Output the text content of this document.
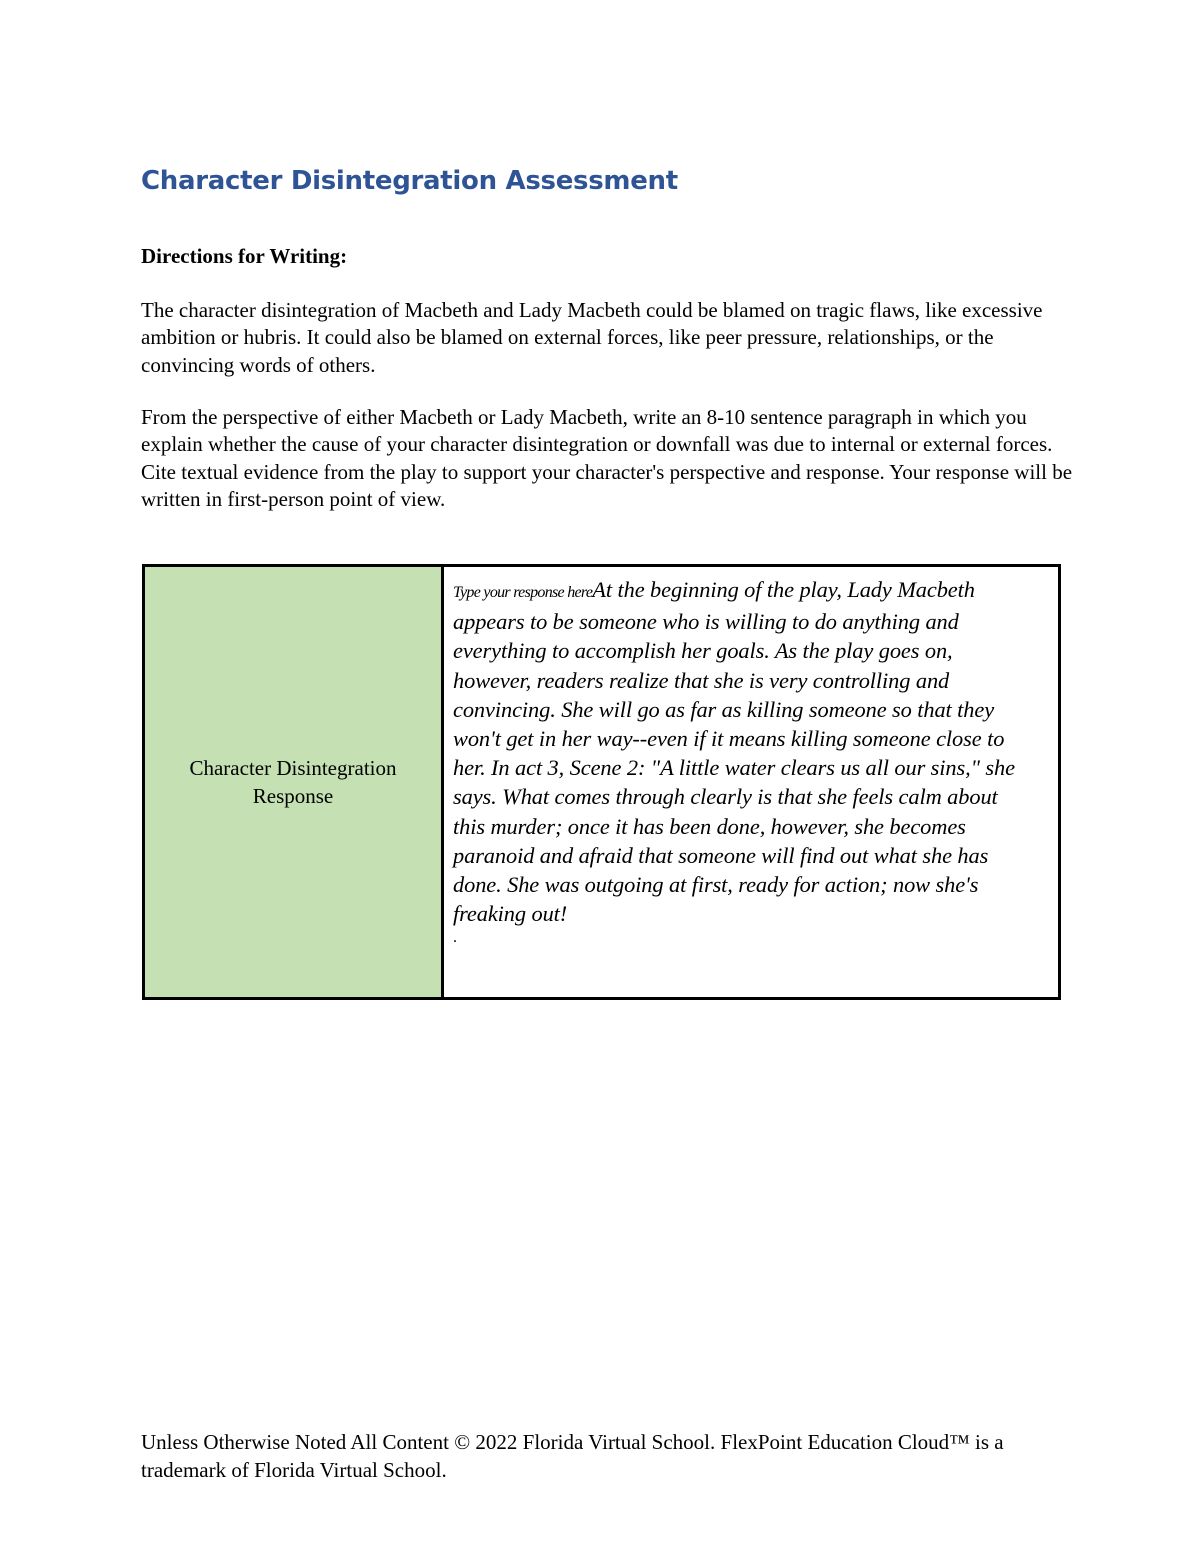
Character Disintegration Assessment

Directions for Writing:

The character disintegration of Macbeth and Lady Macbeth could be blamed on tragic flaws, like excessive ambition or hubris. It could also be blamed on external forces, like peer pressure, relationships, or the convincing words of others.

From the perspective of either Macbeth or Lady Macbeth, write an 8-10 sentence paragraph in which you explain whether the cause of your character disintegration or downfall was due to internal or external forces. Cite textual evidence from the play to support your character's perspective and response. Your response will be written in first-person point of view.

Character Disintegration Response
Type your response hereAt the beginning of the play, Lady Macbeth appears to be someone who is willing to do anything and everything to accomplish her goals. As the play goes on, however, readers realize that she is very controlling and convincing. She will go as far as killing someone so that they won't get in her way--even if it means killing someone close to her. In act 3, Scene 2: "A little water clears us all our sins," she says. What comes through clearly is that she feels calm about this murder; once it has been done, however, she becomes paranoid and afraid that someone will find out what she has done. She was outgoing at first, ready for action; now she's freaking out!
.

Unless Otherwise Noted All Content © 2022 Florida Virtual School. FlexPoint Education Cloud™ is a trademark of Florida Virtual School.
